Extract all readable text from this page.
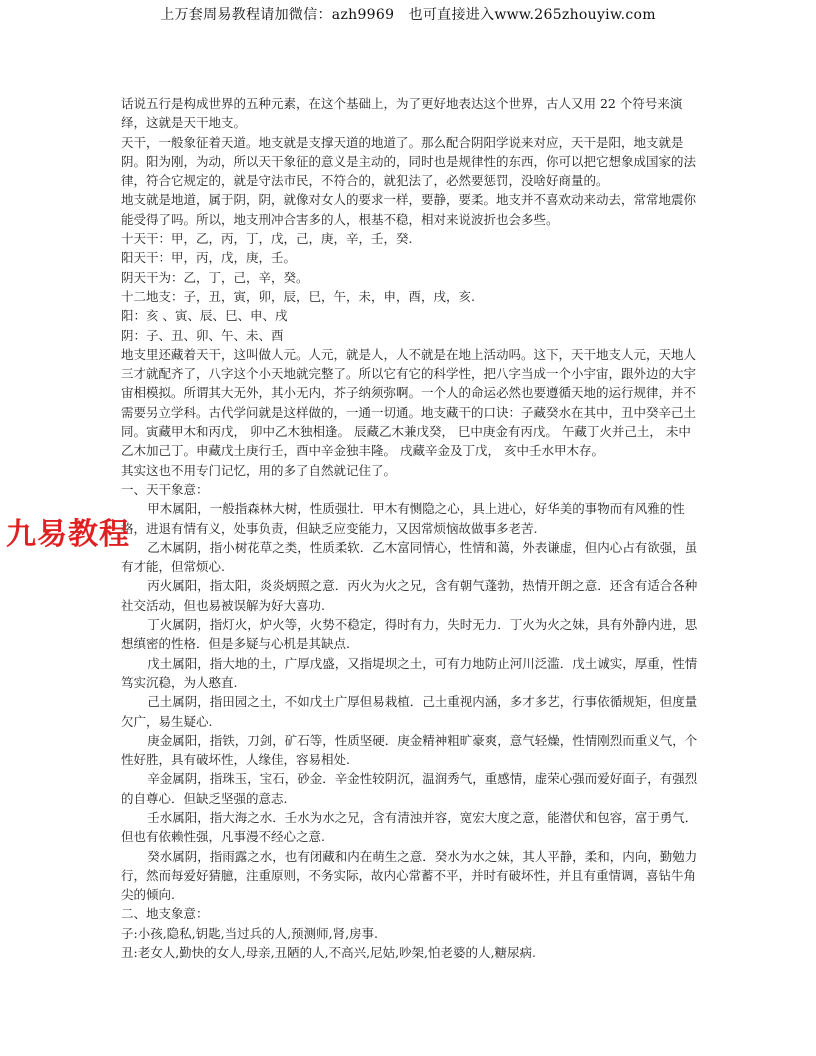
上万套周易教程请加微信：azh9969　也可直接进入www.265zhouyiw.com

话说五行是构成世界的五种元素，在这个基础上，为了更好地表达这个世界，古人又用 22 个符号来演绎，这就是天干地支。

天干，一般象征着天道。地支就是支撑天道的地道了。那么配合阴阳学说来对应，天干是阳，地支就是阴。阳为刚，为动，所以天干象征的意义是主动的，同时也是规律性的东西，你可以把它想象成国家的法律，符合它规定的，就是守法市民，不符合的，就犯法了，必然要惩罚，没啥好商量的。

地支就是地道，属于阴，阴，就像对女人的要求一样，要静，要柔。地支并不喜欢动来动去，常常地震你能受得了吗。所以，地支刑冲合害多的人，根基不稳，相对来说波折也会多些。

十天干：甲，乙，丙，丁，戊，己，庚，辛，壬，癸.

阳天干：甲，丙，戊，庚，壬。

阴天干为：乙，丁，己，辛，癸。

十二地支：子，丑，寅，卯，辰，巳，午，未，申，酉，戌，亥.

阳：亥 、寅、辰、巳、申、戌

阴：子、丑、卯、午、未、酉

地支里还藏着天干，这叫做人元。人元，就是人，人不就是在地上活动吗。这下，天干地支人元，天地人三才就配齐了，八字这个小天地就完整了。所以它有它的科学性，把八字当成一个小宇宙，跟外边的大宇宙相模拟。所谓其大无外，其小无内，芥子纳须弥啊。一个人的命运必然也要遵循天地的运行规律，并不需要另立学科。古代学问就是这样做的，一通一切通。地支藏干的口诀：子藏癸水在其中，丑中癸辛己土同。寅藏甲木和丙戊， 卯中乙木独相逢。 辰藏乙木兼戊癸， 巳中庚金有丙戊。 午藏丁火并己土， 未中乙木加己丁。申藏戊土庚行壬，酉中辛金独丰隆。 戌藏辛金及丁戊， 亥中壬水甲木存。

其实这也不用专门记忆，用的多了自然就记住了。

一、天干象意：

甲木属阳，一般指森林大树，性质强壮．甲木有恻隐之心，具上进心，好华美的事物而有风雅的性格，进退有情有义，处事负责，但缺乏应变能力，又因常烦恼故做事多老苦.

乙木属阴，指小树花草之类，性质柔软．乙木富同情心，性情和蔼，外表谦虚，但内心占有欲强，虽有才能，但常烦心.

丙火属阳，指太阳，炎炎炳照之意．丙火为火之兄，含有朝气蓬勃，热情开朗之意．还含有适合各种社交活动，但也易被误解为好大喜功.

丁火属阴，指灯火，炉火等，火势不稳定，得时有力，失时无力．丁火为火之妹，具有外静内进，思想缜密的性格．但是多疑与心机是其缺点.

戊土属阳，指大地的土，广厚戊盛，又指堤坝之土，可有力地防止河川泛滥．戊土诚实，厚重，性情笃实沉稳，为人憨直.

己土属阴，指田园之土，不如戊土广厚但易栽植．己土重视内涵，多才多艺，行事依循规矩，但度量欠广，易生疑心.

庚金属阳，指铁，刀剑，矿石等，性质坚硬．庚金精神粗旷豪爽，意气轻燥，性情刚烈而重义气，个性好胜，具有破坏性，人缘佳，容易相处.

辛金属阴，指珠玉，宝石，砂金．辛金性较阴沉，温润秀气，重感情，虚荣心强而爱好面子，有强烈的自尊心．但缺乏坚强的意志.

壬水属阳，指大海之水．壬水为水之兄，含有清浊并容，宽宏大度之意，能潜伏和包容，富于勇气．但也有依赖性强，凡事漫不经心之意.

癸水属阴，指雨露之水，也有闭藏和内在萌生之意．癸水为水之妹，其人平静，柔和，内向，勤勉力行，然而每爱好猜臆，注重原则，不务实际，故内心常蓄不平，并时有破坏性，并且有重情调，喜钻牛角尖的倾向.

二、地支象意：

子:小孩,隐私,钥匙,当过兵的人,预测师,肾,房事.

丑:老女人,勤快的女人,母亲,丑陋的人,不高兴,尼姑,吵架,怕老婆的人,糖尿病.

九易教程
